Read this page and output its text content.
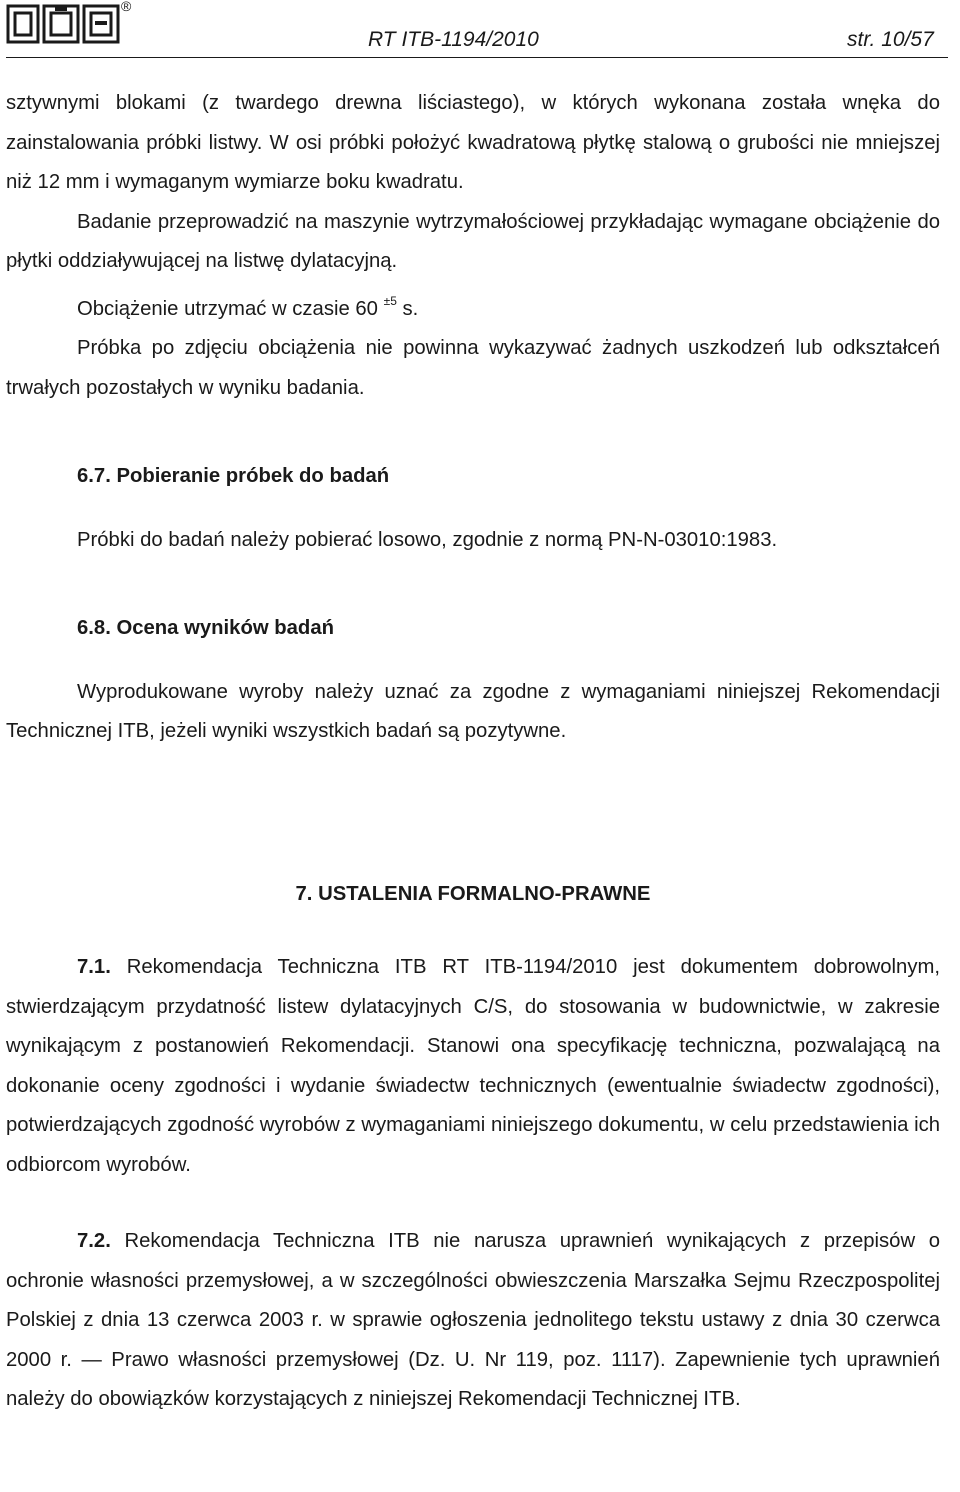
®
RT ITB-1194/2010	str. 10/57

sztywnymi blokami (z twardego drewna liściastego), w których wykonana została wnęka do zainstalowania próbki listwy. W osi próbki położyć kwadratową płytkę stalową o grubości nie mniejszej niż 12 mm i wymaganym wymiarze boku kwadratu.

Badanie przeprowadzić na maszynie wytrzymałościowej przykładając wymagane obciążenie do płytki oddziaływującej na listwę dylatacyjną.

Obciążenie utrzymać w czasie 60 $^{\pm 5}$ s.

Próbka po zdjęciu obciążenia nie powinna wykazywać żadnych uszkodzeń lub odkształceń trwałych pozostałych w wyniku badania.

6.7. Pobieranie próbek do badań

Próbki do badań należy pobierać losowo, zgodnie z normą PN-N-03010:1983.

6.8. Ocena wyników badań

Wyprodukowane wyroby należy uznać za zgodne z wymaganiami niniejszej Rekomendacji Technicznej ITB, jeżeli wyniki wszystkich badań są pozytywne.

7. USTALENIA FORMALNO-PRAWNE

7.1. Rekomendacja Techniczna ITB RT ITB-1194/2010 jest dokumentem dobrowolnym, stwierdzającym przydatność listew dylatacyjnych C/S, do stosowania w budownictwie, w zakresie wynikającym z postanowień Rekomendacji. Stanowi ona specyfikację techniczna, pozwalającą na dokonanie oceny zgodności i wydanie świadectw technicznych (ewentualnie świadectw zgodności), potwierdzających zgodność wyrobów z wymaganiami niniejszego dokumentu, w celu przedstawienia ich odbiorcom wyrobów.

7.2. Rekomendacja Techniczna ITB nie narusza uprawnień wynikających z przepisów o ochronie własności przemysłowej, a w szczególności obwieszczenia Marszałka Sejmu Rzeczpospolitej Polskiej z dnia 13 czerwca 2003 r. w sprawie ogłoszenia jednolitego tekstu ustawy z dnia 30 czerwca 2000 r. — Prawo własności przemysłowej (Dz. U. Nr 119, poz. 1117). Zapewnienie tych uprawnień należy do obowiązków korzystających z niniejszej Rekomendacji Technicznej ITB.
